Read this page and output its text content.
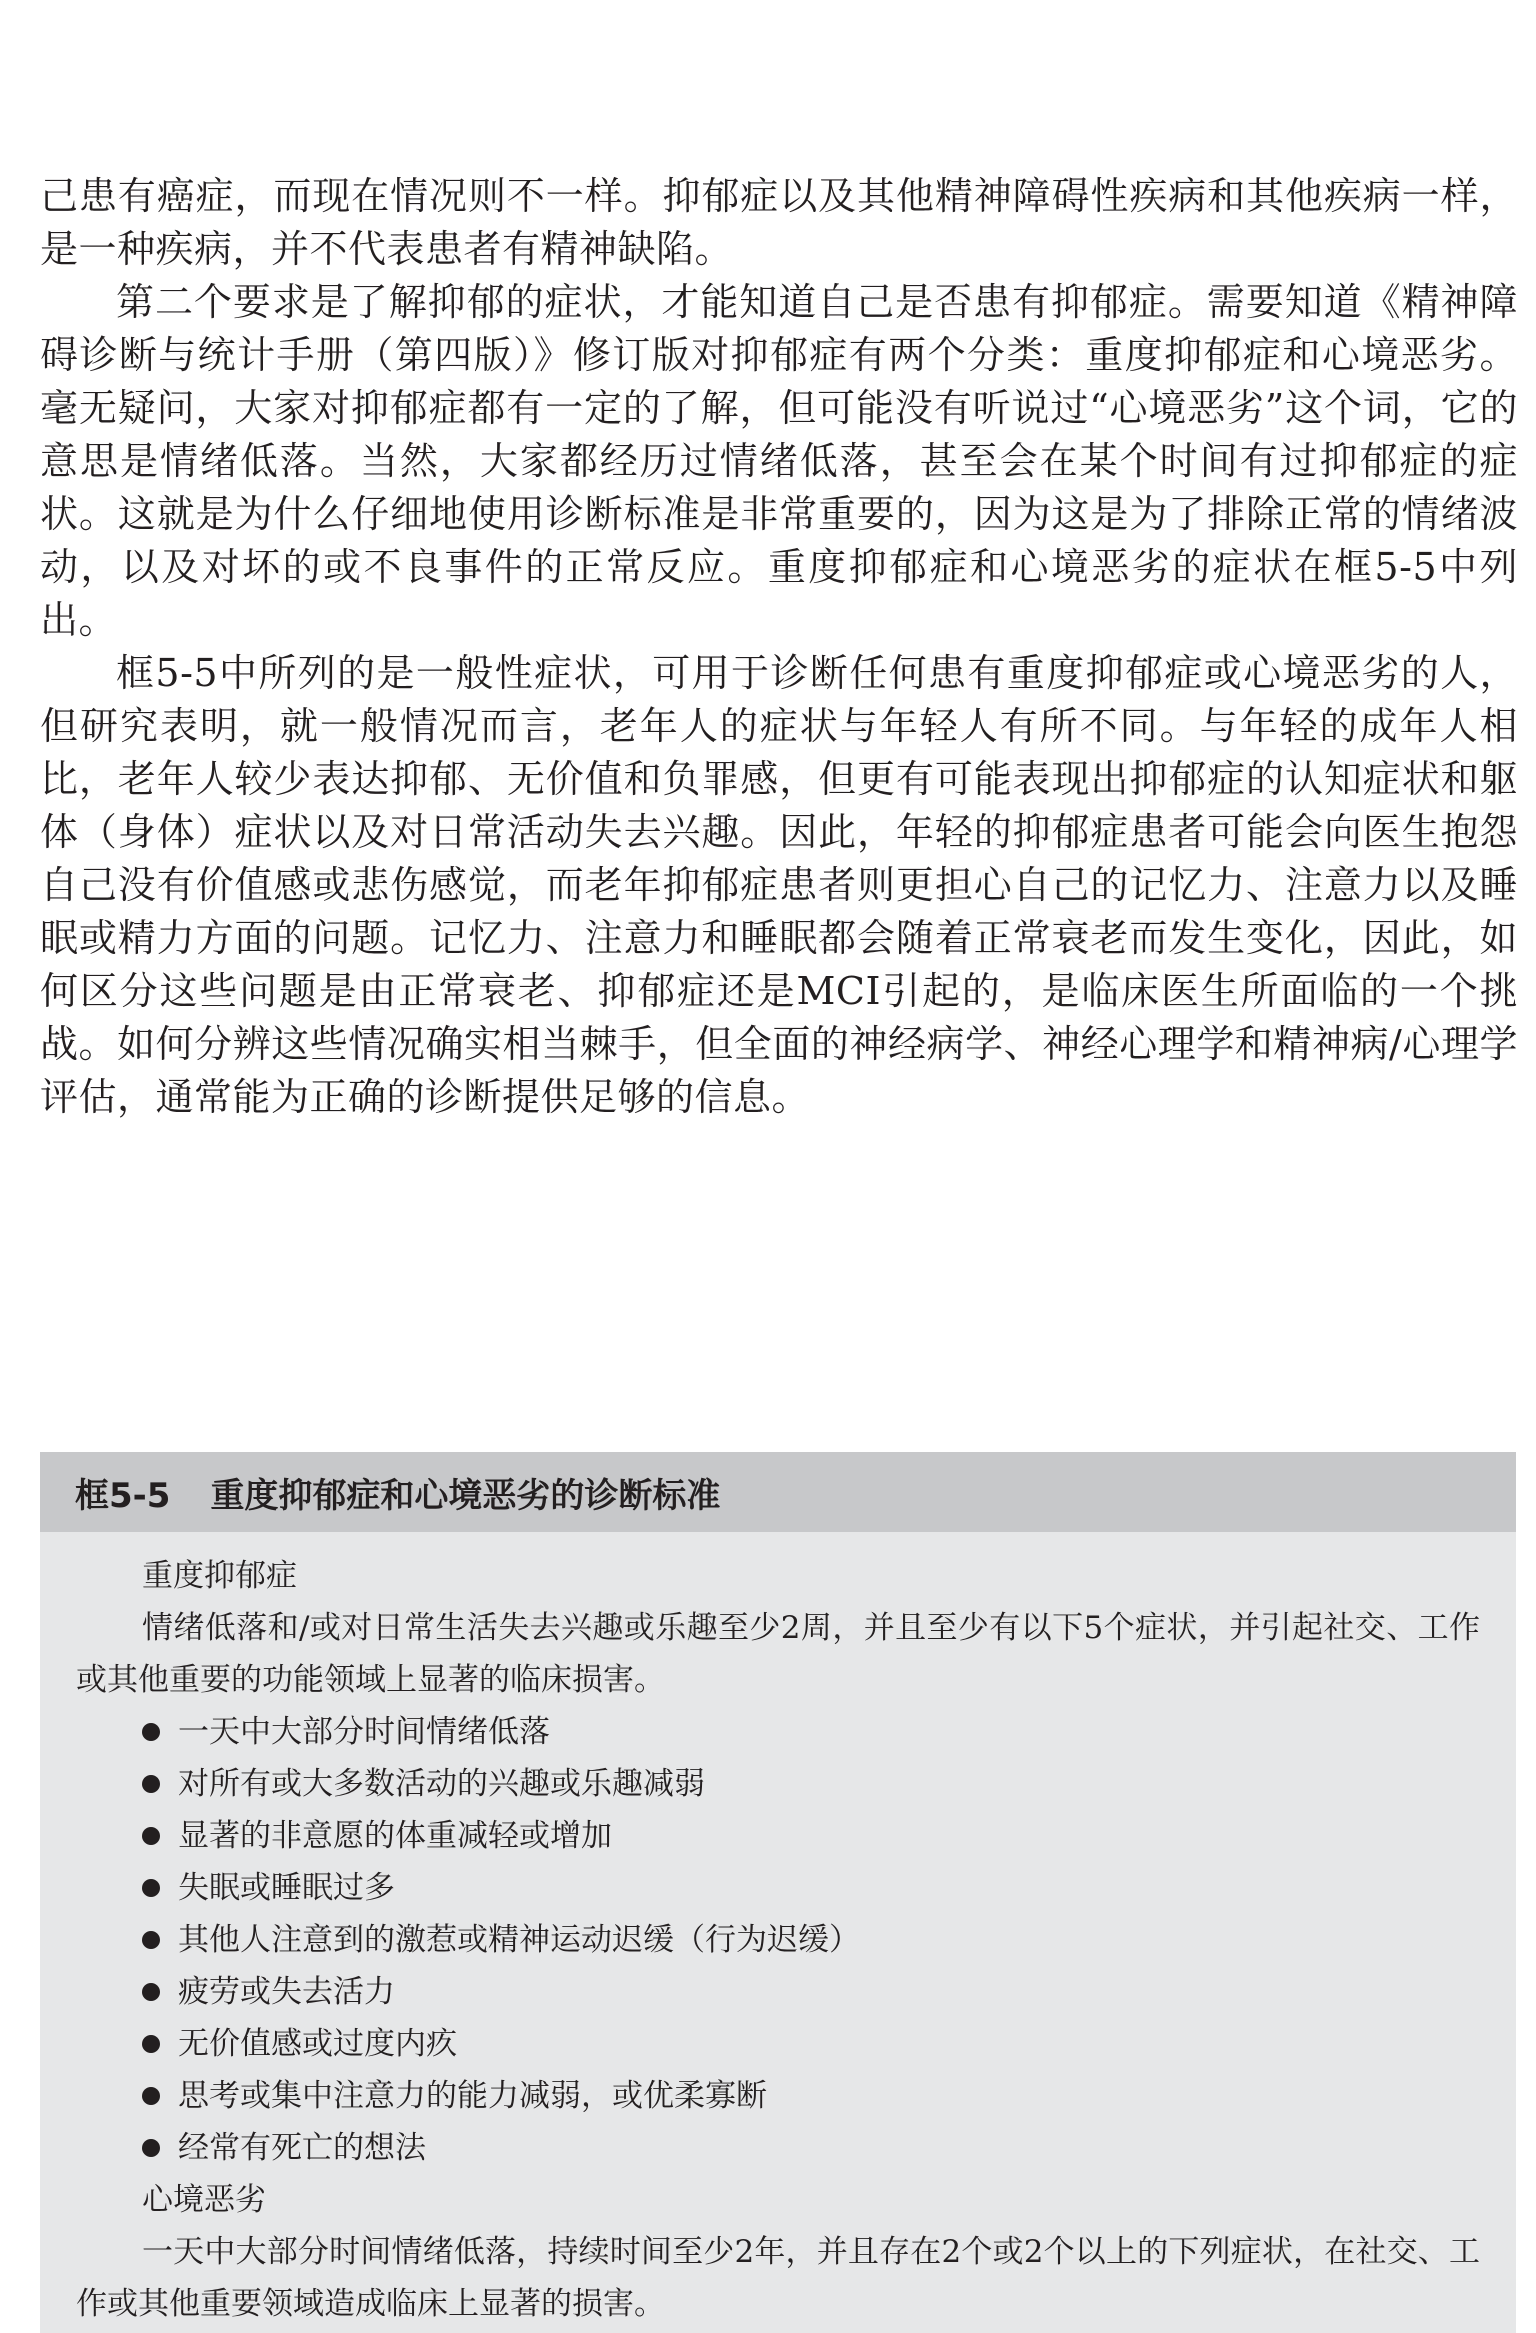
己患有癌症，而现在情况则不一样。抑郁症以及其他精神障碍性疾病和其他疾病一样，是一种疾病，并不代表患者有精神缺陷。

第二个要求是了解抑郁的症状，才能知道自己是否患有抑郁症。需要知道《精神障碍诊断与统计手册（第四版）》修订版对抑郁症有两个分类：重度抑郁症和心境恶劣。毫无疑问，大家对抑郁症都有一定的了解，但可能没有听说过“心境恶劣”这个词，它的意思是情绪低落。当然，大家都经历过情绪低落，甚至会在某个时间有过抑郁症的症状。这就是为什么仔细地使用诊断标准是非常重要的，因为这是为了排除正常的情绪波动，以及对坏的或不良事件的正常反应。重度抑郁症和心境恶劣的症状在框5-5中列出。

框5-5中所列的是一般性症状，可用于诊断任何患有重度抑郁症或心境恶劣的人，但研究表明，就一般情况而言，老年人的症状与年轻人有所不同。与年轻的成年人相比，老年人较少表达抑郁、无价值和负罪感，但更有可能表现出抑郁症的认知症状和躯体（身体）症状以及对日常活动失去兴趣。因此，年轻的抑郁症患者可能会向医生抱怨自己没有价值感或悲伤感觉，而老年抑郁症患者则更担心自己的记忆力、注意力以及睡眠或精力方面的问题。记忆力、注意力和睡眠都会随着正常衰老而发生变化，因此，如何区分这些问题是由正常衰老、抑郁症还是MCI引起的，是临床医生所面临的一个挑战。如何分辨这些情况确实相当棘手，但全面的神经病学、神经心理学和精神病/心理学评估，通常能为正确的诊断提供足够的信息。

框5-5 重度抑郁症和心境恶劣的诊断标准

重度抑郁症

情绪低落和/或对日常生活失去兴趣或乐趣至少2周，并且至少有以下5个症状，并引起社交、工作或其他重要的功能领域上显著的临床损害。

一天中大部分时间情绪低落
对所有或大多数活动的兴趣或乐趣减弱
显著的非意愿的体重减轻或增加
失眠或睡眠过多
其他人注意到的激惹或精神运动迟缓（行为迟缓）
疲劳或失去活力
无价值感或过度内疚
思考或集中注意力的能力减弱，或优柔寡断
经常有死亡的想法

心境恶劣

一天中大部分时间情绪低落，持续时间至少2年，并且存在2个或2个以上的下列症状，在社交、工作或其他重要领域造成临床上显著的损害。
